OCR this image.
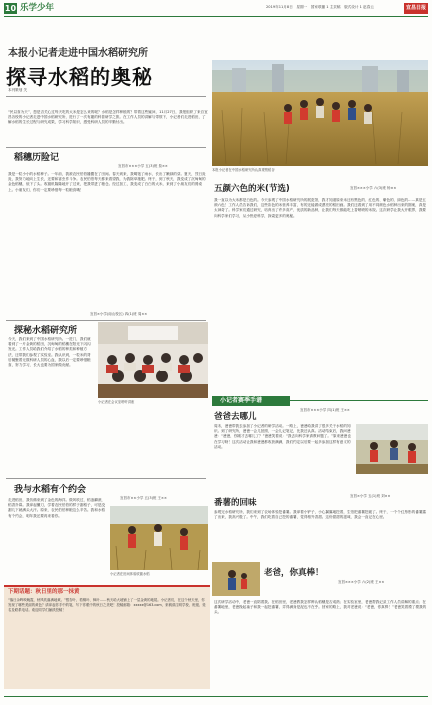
10 乐学少年	2019年11月8日　星期一　国家联播 1 主页稿　版式设计 1 赵春云	宜昌日报
本报小记者走进中国水稻研究所
探寻水稻的奥秘
本刊策划 关
“民以食为天”，您是否关心过每天吃的大米是怎么来的呢？水稻是怎样种植的？带着这些疑问，11月27日，我报组织了来自宜昌各校的小记者走进中国水稻研究所，进行了一次有趣的科普研学之旅。在工作人员的讲解与带领下，小记者们走进稻田，了解水稻的生长过程与研究成果，学习科学知识，感受科研人员的辛勤付出。
本报小记者在中国水稻研究所认真观察稻谷
稻穗历险记
宜昌市×××小学 五(3)班 詹××
我是一粒小小的水稻种子。一年前，我被农民伯伯播撒在了田间。春天到来，我喝饱了雨水，长出了嫩绿的芽。夏天，烈日炎炎，我努力地向上生长，还要和害虫作斗争。农民伯伯每天都来看望我，为我除草施肥。终于，到了秋天，我变成了沉甸甸的金色稻穗，低下了头。收割机隆隆地开了过来，把我带进了粮仓。经过加工，我变成了白白的大米，来到了小朋友们的餐桌上。小朋友们，你们一定要珍惜每一粒粮食哦！
探秘水稻研究所
宜昌×小学(南山校区) 四(1)班 周××
今天，我们来到了中国水稻研究所。一进门，我们就看到了一片金黄的稻田，沉甸甸的稻穗在阳光下闪闪发光。工作人员给我们介绍了水稻的种类和种植方法，还带我们参观了实验室。我认识到，一粒米的背后凝聚着无数科研人员的心血，我以后一定要珍惜粮食，努力学习，长大也要为国家做贡献。
小记者在会议室聆听讲座
我与水稻有个约会
宜昌市××小学 五(3)班 王××
走进稻田，我仿佛来到了金色的海洋。微风吹过，稻浪翻滚，稻香扑鼻。我拿起镰刀，学着农民伯伯的样子割稻子，可是没割几下就满头大汗。原来，农民伯伯种粮这么辛苦。我和水稻有个约会，明年我还要再来看你。
小记者在田间体验收割水稻
下期话题：秋日里的那一抹黄
“落日余晖映晚霞，秋风吹落满地黄。”银杏叶、梧桐叶、枫叶……秋天给大地铺上了一层金黄的地毯。小记者们，在这个秋天里，你发现了哪些美丽的黄色？请拿起你手中的笔，写下你眼中的秋日之美吧！投稿邮箱：xxxxx@163.com，来稿请注明学校、班级、姓名及联系电话。欢迎同学们踊跃投稿！
五颜六色的米(节选)	宜昌×××小学 六(3)班 杨××
我一直以为大米都是白色的。今天参观了中国水稻研究所的展览馆，我才知道原来米还有黑色的、红色的、紫色的、绿色的……真是五颜六色！工作人员告诉我们，这些彩色的米营养丰富，有的还能做成漂亮的稻田画。我们还看到了用不同颜色水稻种出来的图案，真是太神奇了。科学家们通过研究，培育出了许多高产、优质的新品种，让我们每天都能吃上香喷喷的米饭。这次研学让我大开眼界，我要向科学家们学习，从小热爱科学，探索更多的奥秘。
小记者赛季手谱
爸爸去哪儿
宜昌市×××小学 四(1)班 王××
周末，爸爸带我去参加了小记者的研学活动。一路上，爸爸给我讲了很多关于水稻的知识。到了研究所，爸爸一会儿拍照，一会儿记笔记，比我还认真。活动结束后，我问爸爸：“爸爸，你刚才去哪儿了？”爸爸笑着说：“我去向科学家请教问题了。”原来爸爸也在学习呀！这次活动让我和爸爸都收获满满，我们约定以后要一起多参加这样有意义的活动。
番薯的回味
宜昌×小学 五(1)班 刘××
参观完水稻研究所，我们来到了农场体验挖番薯。我拿着小铲子，小心翼翼地挖着，生怕把番薯挖破了。终于，一个个红彤彤的番薯露了出来，我高兴极了。中午，我们吃着自己挖的番薯，觉得格外香甜。这份甜甜的滋味，我会一直记在心里。
老爸，你真棒！
宜昌×××小学 六(2)班 王××
这次研学活动中，老爸一直陪着我。在稻田里，老爸教我怎样辨认稻穗是否成熟；在实验室里，老爸帮我记录工作人员讲解的重点；在番薯地里，老爸挽起袖子和我一起挖番薯，弄得满身是泥也不在乎。回家的路上，我对老爸说：“老爸，你真棒！”老爸笑着摸了摸我的头。
